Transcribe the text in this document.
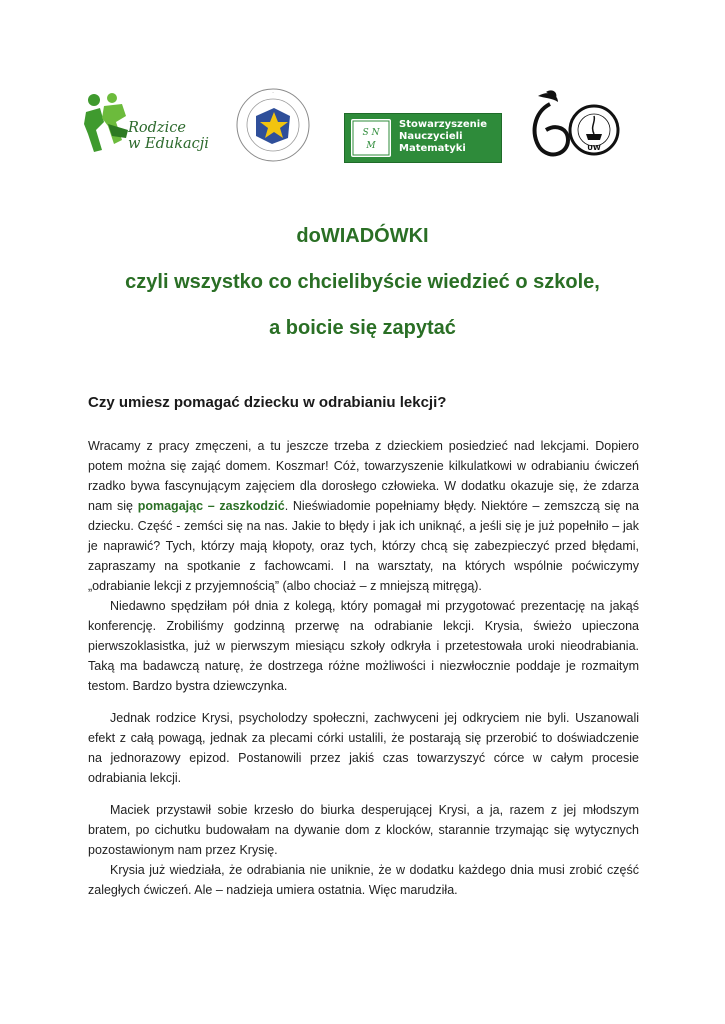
Rodzice
w Edukacji
·
S N
M
Stowarzyszenie
Nauczycieli
Matematyki	UW
doWIADÓWKI
czyli wszystko co chcielibyście wiedzieć o szkole,
a boicie się zapytać
Czy umiesz pomagać dziecku w odrabianiu lekcji?

Wracamy z pracy zmęczeni, a tu jeszcze trzeba z dzieckiem posiedzieć nad lekcjami. Dopiero potem można się zająć domem. Koszmar! Cóż, towarzyszenie kilkulatkowi w odrabianiu ćwiczeń rzadko bywa fascynującym zajęciem dla dorosłego człowieka. W dodatku okazuje się, że zdarza nam się pomagając – zaszkodzić. Nieświadomie popełniamy błędy. Niektóre – zemszczą się na dziecku. Część - zemści się na nas. Jakie to błędy i jak ich uniknąć, a jeśli się je już popełniło – jak je naprawić? Tych, którzy mają kłopoty, oraz tych, którzy chcą się zabezpieczyć przed błędami, zapraszamy na spotkanie z fachowcami. I na warsztaty, na których wspólnie poćwiczymy „odrabianie lekcji z przyjemnością” (albo chociaż – z mniejszą mitręgą).

Niedawno spędziłam pół dnia z kolegą, który pomagał mi przygotować prezentację na jakąś konferencję. Zrobiliśmy godzinną przerwę na odrabianie lekcji. Krysia, świeżo upieczona pierwszoklasistka, już w pierwszym miesiącu szkoły odkryła i przetestowała uroki nieodrabiania. Taką ma badawczą naturę, że dostrzega różne możliwości i niezwłocznie poddaje je rozmaitym testom. Bardzo bystra dziewczynka.

Jednak rodzice Krysi, psycholodzy społeczni, zachwyceni jej odkryciem nie byli. Uszanowali efekt z całą powagą, jednak za plecami córki ustalili, że postarają się przerobić to doświadczenie na jednorazowy epizod. Postanowili przez jakiś czas towarzyszyć córce w całym procesie odrabiania lekcji.

Maciek przystawił sobie krzesło do biurka desperującej Krysi, a ja, razem z jej młodszym bratem, po cichutku budowałam na dywanie dom z klocków, starannie trzymając się wytycznych pozostawionym nam przez Krysię.

Krysia już wiedziała, że odrabiania nie uniknie, że w dodatku każdego dnia musi zrobić część zaległych ćwiczeń. Ale – nadzieja umiera ostatnia. Więc marudziła.
